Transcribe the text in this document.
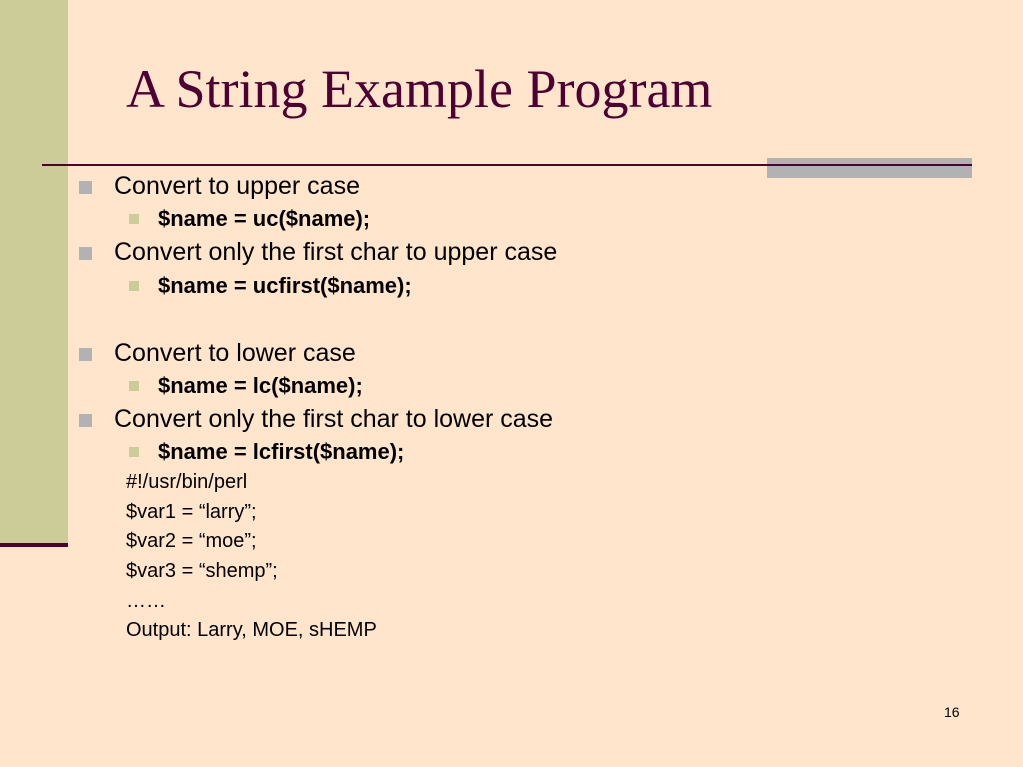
A String Example Program
Convert to upper case
$name = uc($name);
Convert only the first char to upper case
$name = ucfirst($name);
Convert to lower case
$name = lc($name);
Convert only the first char to lower case
$name = lcfirst($name);
#!/usr/bin/perl
$var1 = “larry”;
$var2 = “moe”;
$var3 = “shemp”;
……
Output: Larry, MOE, sHEMP
16
